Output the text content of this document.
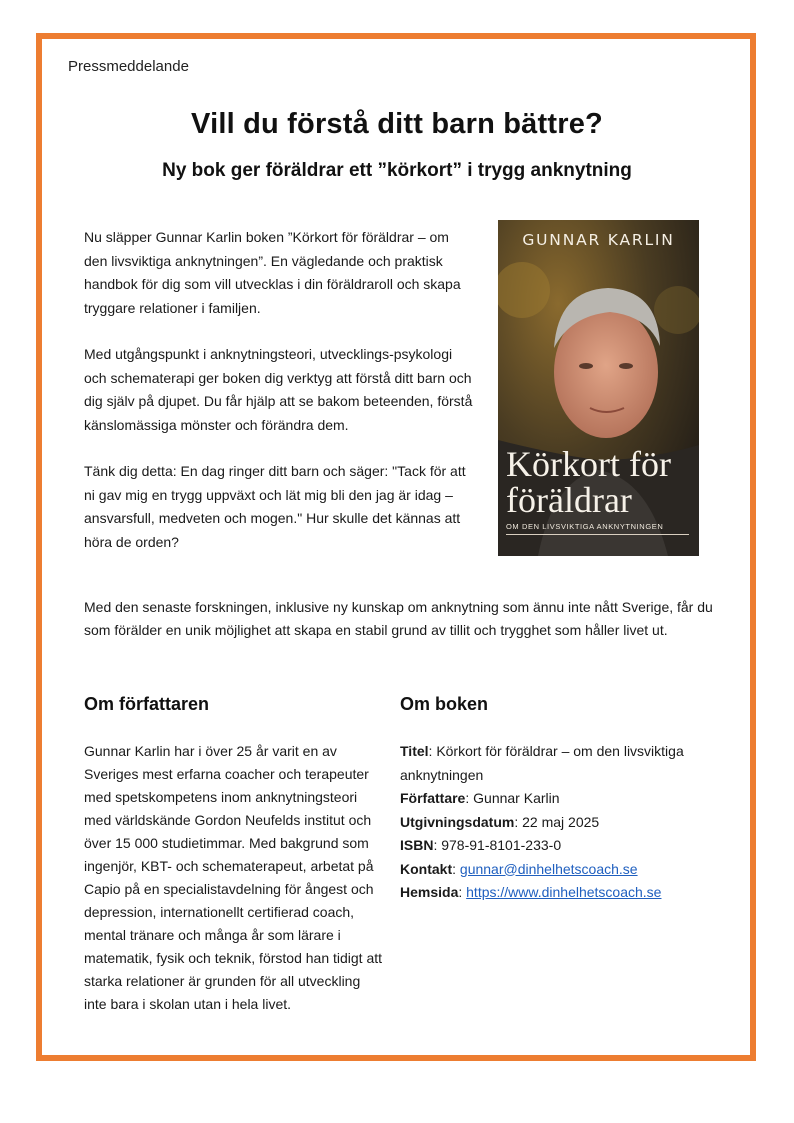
Pressmeddelande
Vill du förstå ditt barn bättre?
Ny bok ger föräldrar ett ”körkort” i trygg anknytning

Nu släpper Gunnar Karlin boken ”Körkort för föräldrar – om den livsviktiga anknytningen”. En vägledande och praktisk handbok för dig som vill utvecklas i din föräldraroll och skapa tryggare relationer i familjen.

Med utgångspunkt i anknytningsteori, utvecklings-psykologi och schematerapi ger boken dig verktyg att förstå ditt barn och dig själv på djupet. Du får hjälp att se bakom beteenden, förstå känslomässiga mönster och förändra dem.

Tänk dig detta: En dag ringer ditt barn och säger: "Tack för att ni gav mig en trygg uppväxt och lät mig bli den jag är idag – ansvarsfull, medveten och mogen." Hur skulle det kännas att höra de orden?

GUNNAR KARLIN
Körkort för
föräldrar
OM DEN LIVSVIKTIGA ANKNYTNINGEN
Med den senaste forskningen, inklusive ny kunskap om anknytning som ännu inte nått Sverige, får du som förälder en unik möjlighet att skapa en stabil grund av tillit och trygghet som håller livet ut.
Om författaren	Om boken
Gunnar Karlin har i över 25 år varit en av Sveriges mest erfarna coacher och terapeuter med spetskompetens inom anknytningsteori med världskände Gordon Neufelds institut och över 15 000 studietimmar. Med bakgrund som ingenjör, KBT- och schematerapeut, arbetat på Capio på en specialistavdelning för ångest och depression, internationellt certifierad coach, mental tränare och många år som lärare i matematik, fysik och teknik, förstod han tidigt att starka relationer är grunden för all utveckling inte bara i skolan utan i hela livet.

Titel: Körkort för föräldrar – om den livsviktiga anknytningen

Författare: Gunnar Karlin

Utgivningsdatum: 22 maj 2025

ISBN: 978-91-8101-233-0

Kontakt: gunnar@dinhelhetscoach.se

Hemsida: https://www.dinhelhetscoach.se
